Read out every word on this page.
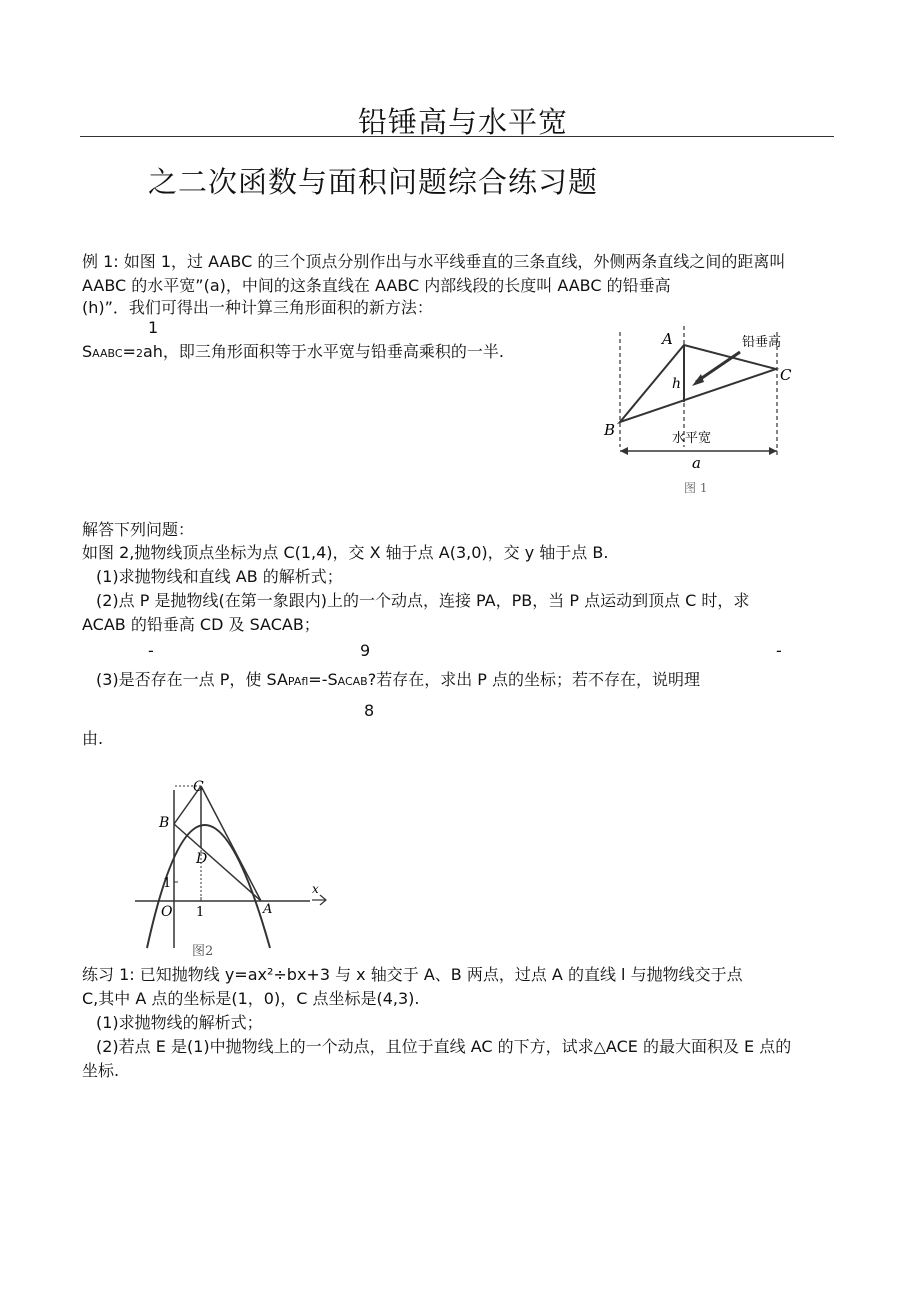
铅锤高与水平宽
之二次函数与面积问题综合练习题
例 1: 如图 1，过 AABC 的三个顶点分别作出与水平线垂直的三条直线，外侧两条直线之间的距离叫
AABC 的水平宽”(a)，中间的这条直线在 AABC 内部线段的长度叫 AABC 的铅垂高
(h)”．我们可得出一种计算三角形面积的新方法：
1
SAABC=2ah，即三角形面积等于水平宽与铅垂高乘积的一半.
A
B
C
h
铅垂高
水平宽
a
图 1
解答下列问题：
如图 2,抛物线顶点坐标为点 C(1,4)，交 X 轴于点 A(3,0)，交 y 轴于点 B.
(1)求抛物线和直线 AB 的解析式；
(2)点 P 是抛物线(在第一象跟内)上的一个动点，连接 PA，PB，当 P 点运动到顶点 C 时，求
ACAB 的铅垂高 CD 及 SACAB；
-	9	-
(3)是否存在一点 P，使 SAPAfl=-SACAB?若存在，求出 P 点的坐标；若不存在，说明理
8
由.
C
B
D
O	A
1
1
x
图2
练习 1: 已知抛物线 y=ax²÷bx+3 与 x 轴交于 A、B 两点，过点 A 的直线 l 与抛物线交于点
C,其中 A 点的坐标是(1，0)，C 点坐标是(4,3).
(1)求抛物线的解析式；
(2)若点 E 是(1)中抛物线上的一个动点，且位于直线 AC 的下方，试求△ACE 的最大面积及 E 点的
坐标.
